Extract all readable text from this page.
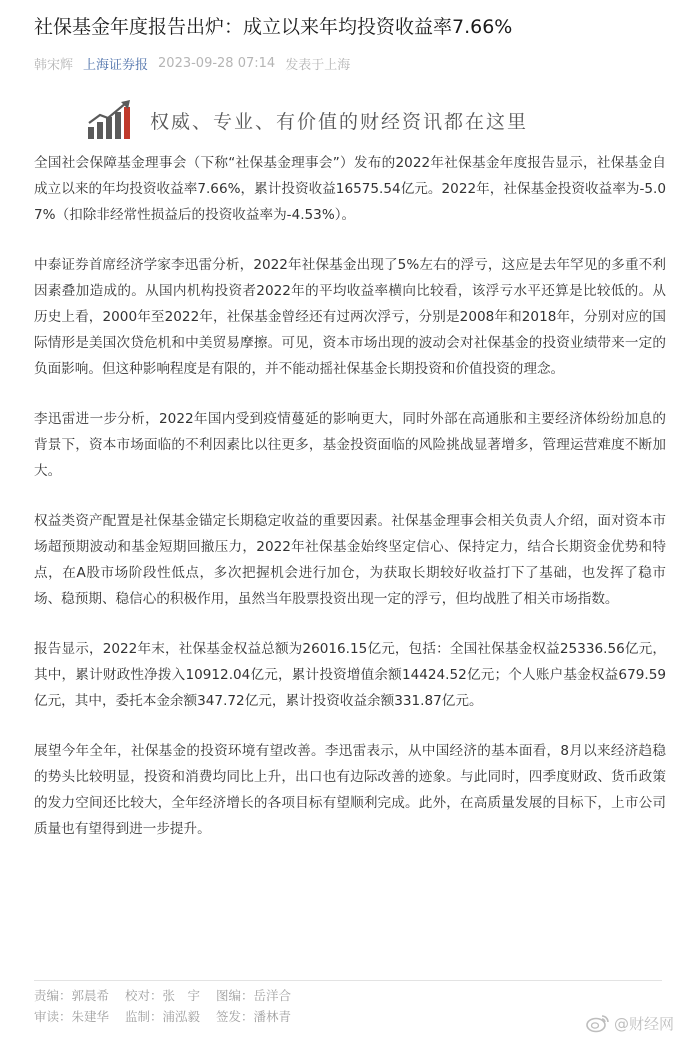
社保基金年度报告出炉：成立以来年均投资收益率7.66%
韩宋辉 上海证券报 2023-09-28 07:14 发表于上海
权威、专业、有价值的财经资讯都在这里

全国社会保障基金理事会（下称“社保基金理事会”）发布的2022年社保基金年度报告显示，社保基金自成立以来的年均投资收益率7.66%，累计投资收益16575.54亿元。2022年，社保基金投资收益率为-5.07%（扣除非经常性损益后的投资收益率为-4.53%）。

中泰证券首席经济学家李迅雷分析，2022年社保基金出现了5%左右的浮亏，这应是去年罕见的多重不利因素叠加造成的。从国内机构投资者2022年的平均收益率横向比较看，该浮亏水平还算是比较低的。从历史上看，2000年至2022年，社保基金曾经还有过两次浮亏，分别是2008年和2018年，分别对应的国际情形是美国次贷危机和中美贸易摩擦。可见，资本市场出现的波动会对社保基金的投资业绩带来一定的负面影响。但这种影响程度是有限的，并不能动摇社保基金长期投资和价值投资的理念。

李迅雷进一步分析，2022年国内受到疫情蔓延的影响更大，同时外部在高通胀和主要经济体纷纷加息的背景下，资本市场面临的不利因素比以往更多，基金投资面临的风险挑战显著增多，管理运营难度不断加大。

权益类资产配置是社保基金锚定长期稳定收益的重要因素。社保基金理事会相关负责人介绍，面对资本市场超预期波动和基金短期回撤压力，2022年社保基金始终坚定信心、保持定力，结合长期资金优势和特点，在A股市场阶段性低点，多次把握机会进行加仓，为获取长期较好收益打下了基础，也发挥了稳市场、稳预期、稳信心的积极作用，虽然当年股票投资出现一定的浮亏，但均战胜了相关市场指数。

报告显示，2022年末，社保基金权益总额为26016.15亿元，包括：全国社保基金权益25336.56亿元，其中，累计财政性净拨入10912.04亿元，累计投资增值余额14424.52亿元；个人账户基金权益679.59亿元，其中，委托本金余额347.72亿元，累计投资收益余额331.87亿元。

展望今年全年，社保基金的投资环境有望改善。李迅雷表示，从中国经济的基本面看，8月以来经济趋稳的势头比较明显，投资和消费均同比上升，出口也有边际改善的迹象。与此同时，四季度财政、货币政策的发力空间还比较大，全年经济增长的各项目标有望顺利完成。此外，在高质量发展的目标下，上市公司质量也有望得到进一步提升。

责编：郭晨希 校对：张　宇 图编：岳洋合
审读：朱建华 监制：浦泓毅 签发：潘林青	@财经网
